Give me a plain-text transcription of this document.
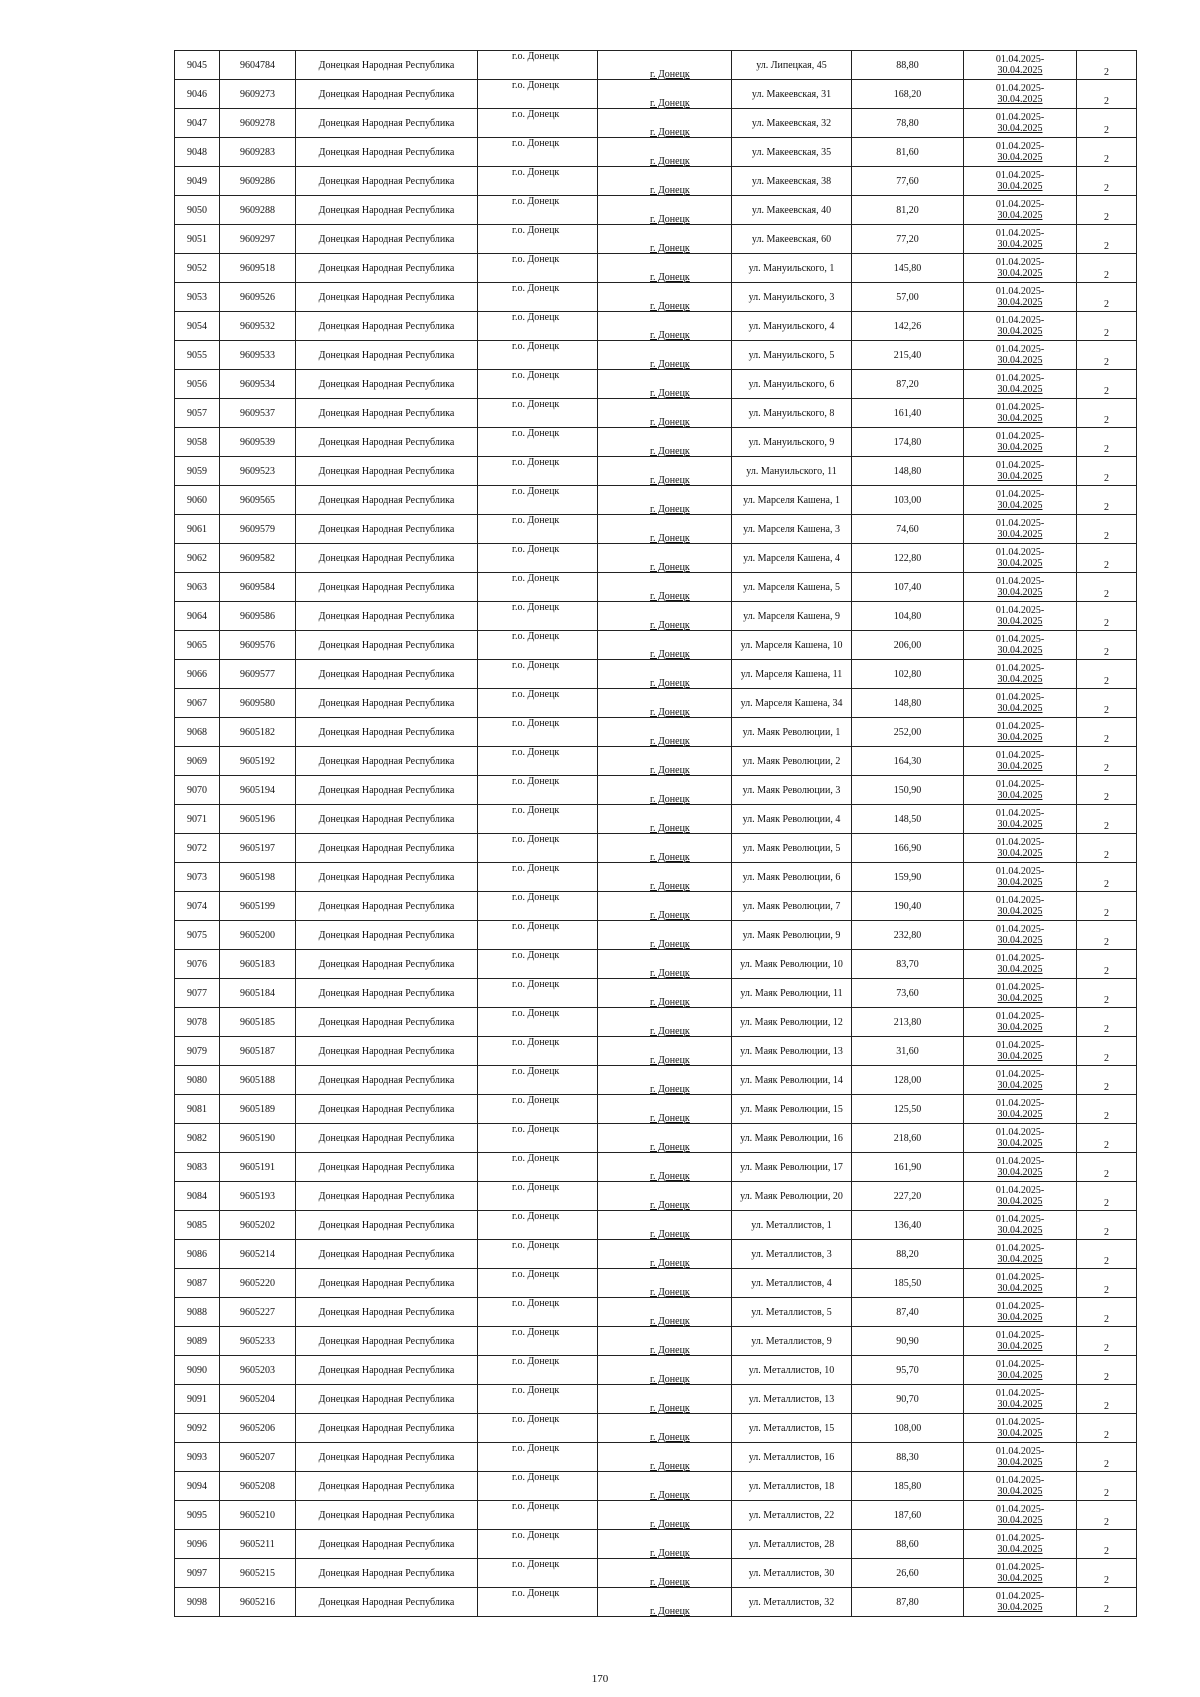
9045	9604784	Донецкая Народная Республика	г.о. Донецк	г. Донецк	ул. Липецкая, 45	88,80	01.04.2025-
30.04.2025	2
9046	9609273	Донецкая Народная Республика	г.о. Донецк	г. Донецк	ул. Макеевская, 31	168,20	01.04.2025-
30.04.2025	2
9047	9609278	Донецкая Народная Республика	г.о. Донецк	г. Донецк	ул. Макеевская, 32	78,80	01.04.2025-
30.04.2025	2
9048	9609283	Донецкая Народная Республика	г.о. Донецк	г. Донецк	ул. Макеевская, 35	81,60	01.04.2025-
30.04.2025	2
9049	9609286	Донецкая Народная Республика	г.о. Донецк	г. Донецк	ул. Макеевская, 38	77,60	01.04.2025-
30.04.2025	2
9050	9609288	Донецкая Народная Республика	г.о. Донецк	г. Донецк	ул. Макеевская, 40	81,20	01.04.2025-
30.04.2025	2
9051	9609297	Донецкая Народная Республика	г.о. Донецк	г. Донецк	ул. Макеевская, 60	77,20	01.04.2025-
30.04.2025	2
9052	9609518	Донецкая Народная Республика	г.о. Донецк	г. Донецк	ул. Мануильского, 1	145,80	01.04.2025-
30.04.2025	2
9053	9609526	Донецкая Народная Республика	г.о. Донецк	г. Донецк	ул. Мануильского, 3	57,00	01.04.2025-
30.04.2025	2
9054	9609532	Донецкая Народная Республика	г.о. Донецк	г. Донецк	ул. Мануильского, 4	142,26	01.04.2025-
30.04.2025	2
9055	9609533	Донецкая Народная Республика	г.о. Донецк	г. Донецк	ул. Мануильского, 5	215,40	01.04.2025-
30.04.2025	2
9056	9609534	Донецкая Народная Республика	г.о. Донецк	г. Донецк	ул. Мануильского, 6	87,20	01.04.2025-
30.04.2025	2
9057	9609537	Донецкая Народная Республика	г.о. Донецк	г. Донецк	ул. Мануильского, 8	161,40	01.04.2025-
30.04.2025	2
9058	9609539	Донецкая Народная Республика	г.о. Донецк	г. Донецк	ул. Мануильского, 9	174,80	01.04.2025-
30.04.2025	2
9059	9609523	Донецкая Народная Республика	г.о. Донецк	г. Донецк	ул. Мануильского, 11	148,80	01.04.2025-
30.04.2025	2
9060	9609565	Донецкая Народная Республика	г.о. Донецк	г. Донецк	ул. Марселя Кашена, 1	103,00	01.04.2025-
30.04.2025	2
9061	9609579	Донецкая Народная Республика	г.о. Донецк	г. Донецк	ул. Марселя Кашена, 3	74,60	01.04.2025-
30.04.2025	2
9062	9609582	Донецкая Народная Республика	г.о. Донецк	г. Донецк	ул. Марселя Кашена, 4	122,80	01.04.2025-
30.04.2025	2
9063	9609584	Донецкая Народная Республика	г.о. Донецк	г. Донецк	ул. Марселя Кашена, 5	107,40	01.04.2025-
30.04.2025	2
9064	9609586	Донецкая Народная Республика	г.о. Донецк	г. Донецк	ул. Марселя Кашена, 9	104,80	01.04.2025-
30.04.2025	2
9065	9609576	Донецкая Народная Республика	г.о. Донецк	г. Донецк	ул. Марселя Кашена, 10	206,00	01.04.2025-
30.04.2025	2
9066	9609577	Донецкая Народная Республика	г.о. Донецк	г. Донецк	ул. Марселя Кашена, 11	102,80	01.04.2025-
30.04.2025	2
9067	9609580	Донецкая Народная Республика	г.о. Донецк	г. Донецк	ул. Марселя Кашена, 34	148,80	01.04.2025-
30.04.2025	2
9068	9605182	Донецкая Народная Республика	г.о. Донецк	г. Донецк	ул. Маяк Революции, 1	252,00	01.04.2025-
30.04.2025	2
9069	9605192	Донецкая Народная Республика	г.о. Донецк	г. Донецк	ул. Маяк Революции, 2	164,30	01.04.2025-
30.04.2025	2
9070	9605194	Донецкая Народная Республика	г.о. Донецк	г. Донецк	ул. Маяк Революции, 3	150,90	01.04.2025-
30.04.2025	2
9071	9605196	Донецкая Народная Республика	г.о. Донецк	г. Донецк	ул. Маяк Революции, 4	148,50	01.04.2025-
30.04.2025	2
9072	9605197	Донецкая Народная Республика	г.о. Донецк	г. Донецк	ул. Маяк Революции, 5	166,90	01.04.2025-
30.04.2025	2
9073	9605198	Донецкая Народная Республика	г.о. Донецк	г. Донецк	ул. Маяк Революции, 6	159,90	01.04.2025-
30.04.2025	2
9074	9605199	Донецкая Народная Республика	г.о. Донецк	г. Донецк	ул. Маяк Революции, 7	190,40	01.04.2025-
30.04.2025	2
9075	9605200	Донецкая Народная Республика	г.о. Донецк	г. Донецк	ул. Маяк Революции, 9	232,80	01.04.2025-
30.04.2025	2
9076	9605183	Донецкая Народная Республика	г.о. Донецк	г. Донецк	ул. Маяк Революции, 10	83,70	01.04.2025-
30.04.2025	2
9077	9605184	Донецкая Народная Республика	г.о. Донецк	г. Донецк	ул. Маяк Революции, 11	73,60	01.04.2025-
30.04.2025	2
9078	9605185	Донецкая Народная Республика	г.о. Донецк	г. Донецк	ул. Маяк Революции, 12	213,80	01.04.2025-
30.04.2025	2
9079	9605187	Донецкая Народная Республика	г.о. Донецк	г. Донецк	ул. Маяк Революции, 13	31,60	01.04.2025-
30.04.2025	2
9080	9605188	Донецкая Народная Республика	г.о. Донецк	г. Донецк	ул. Маяк Революции, 14	128,00	01.04.2025-
30.04.2025	2
9081	9605189	Донецкая Народная Республика	г.о. Донецк	г. Донецк	ул. Маяк Революции, 15	125,50	01.04.2025-
30.04.2025	2
9082	9605190	Донецкая Народная Республика	г.о. Донецк	г. Донецк	ул. Маяк Революции, 16	218,60	01.04.2025-
30.04.2025	2
9083	9605191	Донецкая Народная Республика	г.о. Донецк	г. Донецк	ул. Маяк Революции, 17	161,90	01.04.2025-
30.04.2025	2
9084	9605193	Донецкая Народная Республика	г.о. Донецк	г. Донецк	ул. Маяк Революции, 20	227,20	01.04.2025-
30.04.2025	2
9085	9605202	Донецкая Народная Республика	г.о. Донецк	г. Донецк	ул. Металлистов, 1	136,40	01.04.2025-
30.04.2025	2
9086	9605214	Донецкая Народная Республика	г.о. Донецк	г. Донецк	ул. Металлистов, 3	88,20	01.04.2025-
30.04.2025	2
9087	9605220	Донецкая Народная Республика	г.о. Донецк	г. Донецк	ул. Металлистов, 4	185,50	01.04.2025-
30.04.2025	2
9088	9605227	Донецкая Народная Республика	г.о. Донецк	г. Донецк	ул. Металлистов, 5	87,40	01.04.2025-
30.04.2025	2
9089	9605233	Донецкая Народная Республика	г.о. Донецк	г. Донецк	ул. Металлистов, 9	90,90	01.04.2025-
30.04.2025	2
9090	9605203	Донецкая Народная Республика	г.о. Донецк	г. Донецк	ул. Металлистов, 10	95,70	01.04.2025-
30.04.2025	2
9091	9605204	Донецкая Народная Республика	г.о. Донецк	г. Донецк	ул. Металлистов, 13	90,70	01.04.2025-
30.04.2025	2
9092	9605206	Донецкая Народная Республика	г.о. Донецк	г. Донецк	ул. Металлистов, 15	108,00	01.04.2025-
30.04.2025	2
9093	9605207	Донецкая Народная Республика	г.о. Донецк	г. Донецк	ул. Металлистов, 16	88,30	01.04.2025-
30.04.2025	2
9094	9605208	Донецкая Народная Республика	г.о. Донецк	г. Донецк	ул. Металлистов, 18	185,80	01.04.2025-
30.04.2025	2
9095	9605210	Донецкая Народная Республика	г.о. Донецк	г. Донецк	ул. Металлистов, 22	187,60	01.04.2025-
30.04.2025	2
9096	9605211	Донецкая Народная Республика	г.о. Донецк	г. Донецк	ул. Металлистов, 28	88,60	01.04.2025-
30.04.2025	2
9097	9605215	Донецкая Народная Республика	г.о. Донецк	г. Донецк	ул. Металлистов, 30	26,60	01.04.2025-
30.04.2025	2
9098	9605216	Донецкая Народная Республика	г.о. Донецк	г. Донецк	ул. Металлистов, 32	87,80	01.04.2025-
30.04.2025	2
170
